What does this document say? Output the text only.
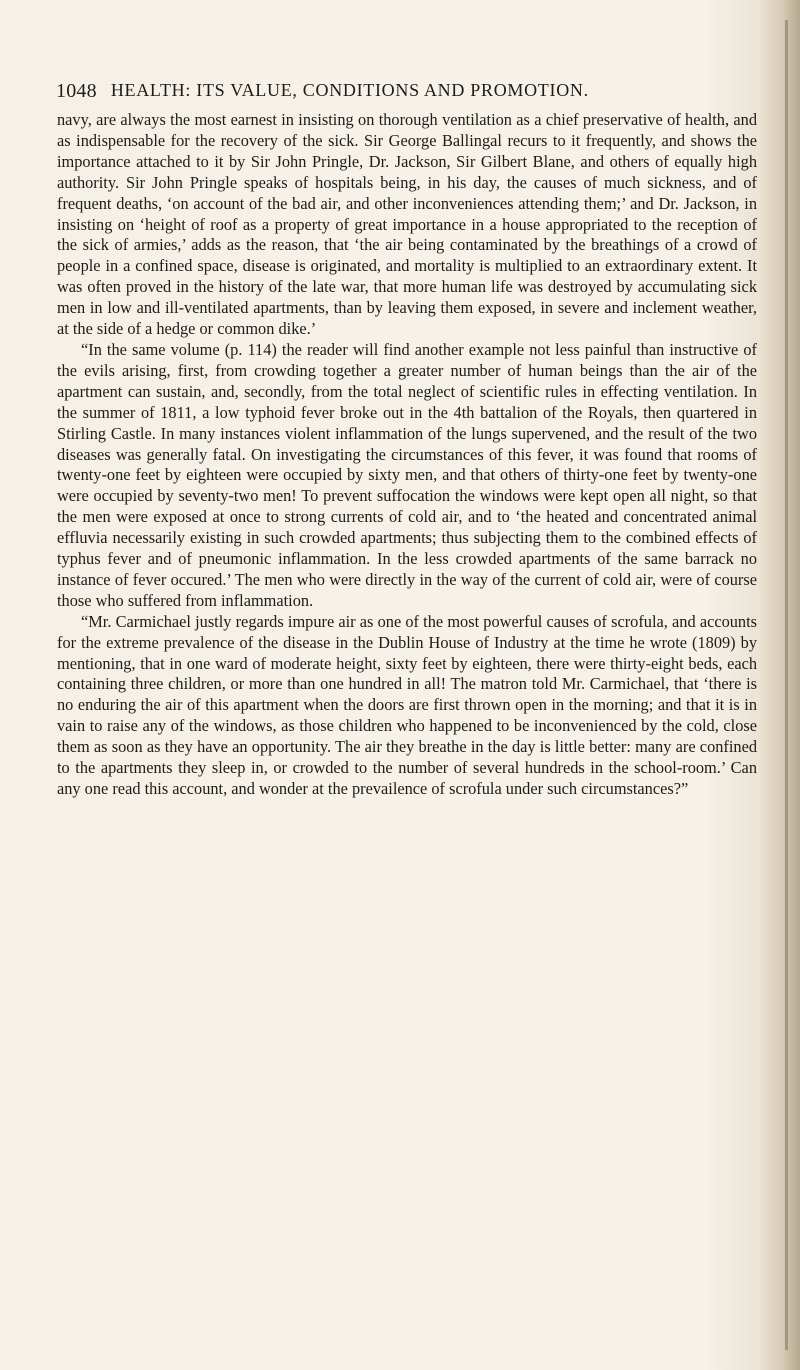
1048 HEALTH: ITS VALUE, CONDITIONS AND PROMOTION.

navy, are always the most earnest in insisting on thorough ventilation as a chief preservative of health, and as indispensable for the recovery of the sick. Sir George Ballingal recurs to it frequently, and shows the importance attached to it by Sir John Pringle, Dr. Jackson, Sir Gilbert Blane, and others of equally high authority. Sir John Pringle speaks of hospitals being, in his day, the causes of much sickness, and of frequent deaths, ‘on account of the bad air, and other inconveniences attending them;’ and Dr. Jackson, in insisting on ‘height of roof as a property of great importance in a house appropriated to the reception of the sick of armies,’ adds as the reason, that ‘the air being contaminated by the breathings of a crowd of people in a confined space, disease is originated, and mortality is multiplied to an extraordinary extent. It was often proved in the history of the late war, that more human life was destroyed by accumulating sick men in low and ill-ventilated apartments, than by leaving them exposed, in severe and inclement weather, at the side of a hedge or common dike.’

“In the same volume (p. 114) the reader will find another example not less painful than instructive of the evils arising, first, from crowding together a greater number of human beings than the air of the apartment can sustain, and, secondly, from the total neglect of scientific rules in effecting ventilation. In the summer of 1811, a low typhoid fever broke out in the 4th battalion of the Royals, then quartered in Stirling Castle. In many instances violent inflammation of the lungs supervened, and the result of the two diseases was generally fatal. On investigating the circumstances of this fever, it was found that rooms of twenty-one feet by eighteen were occupied by sixty men, and that others of thirty-one feet by twenty-one were occupied by seventy-two men! To prevent suffocation the windows were kept open all night, so that the men were exposed at once to strong currents of cold air, and to ‘the heated and concentrated animal effluvia necessarily existing in such crowded apartments; thus subjecting them to the combined effects of typhus fever and of pneumonic inflammation. In the less crowded apartments of the same barrack no instance of fever occured.’ The men who were directly in the way of the current of cold air, were of course those who suffered from inflammation.

“Mr. Carmichael justly regards impure air as one of the most powerful causes of scrofula, and accounts for the extreme prevalence of the disease in the Dublin House of Industry at the time he wrote (1809) by mentioning, that in one ward of moderate height, sixty feet by eighteen, there were thirty-eight beds, each containing three children, or more than one hundred in all! The matron told Mr. Carmichael, that ‘there is no enduring the air of this apartment when the doors are first thrown open in the morning; and that it is in vain to raise any of the windows, as those children who happened to be inconvenienced by the cold, close them as soon as they have an opportunity. The air they breathe in the day is little better: many are confined to the apartments they sleep in, or crowded to the number of several hundreds in the school-room.’ Can any one read this account, and wonder at the prevailence of scrofula under such circumstances?”
